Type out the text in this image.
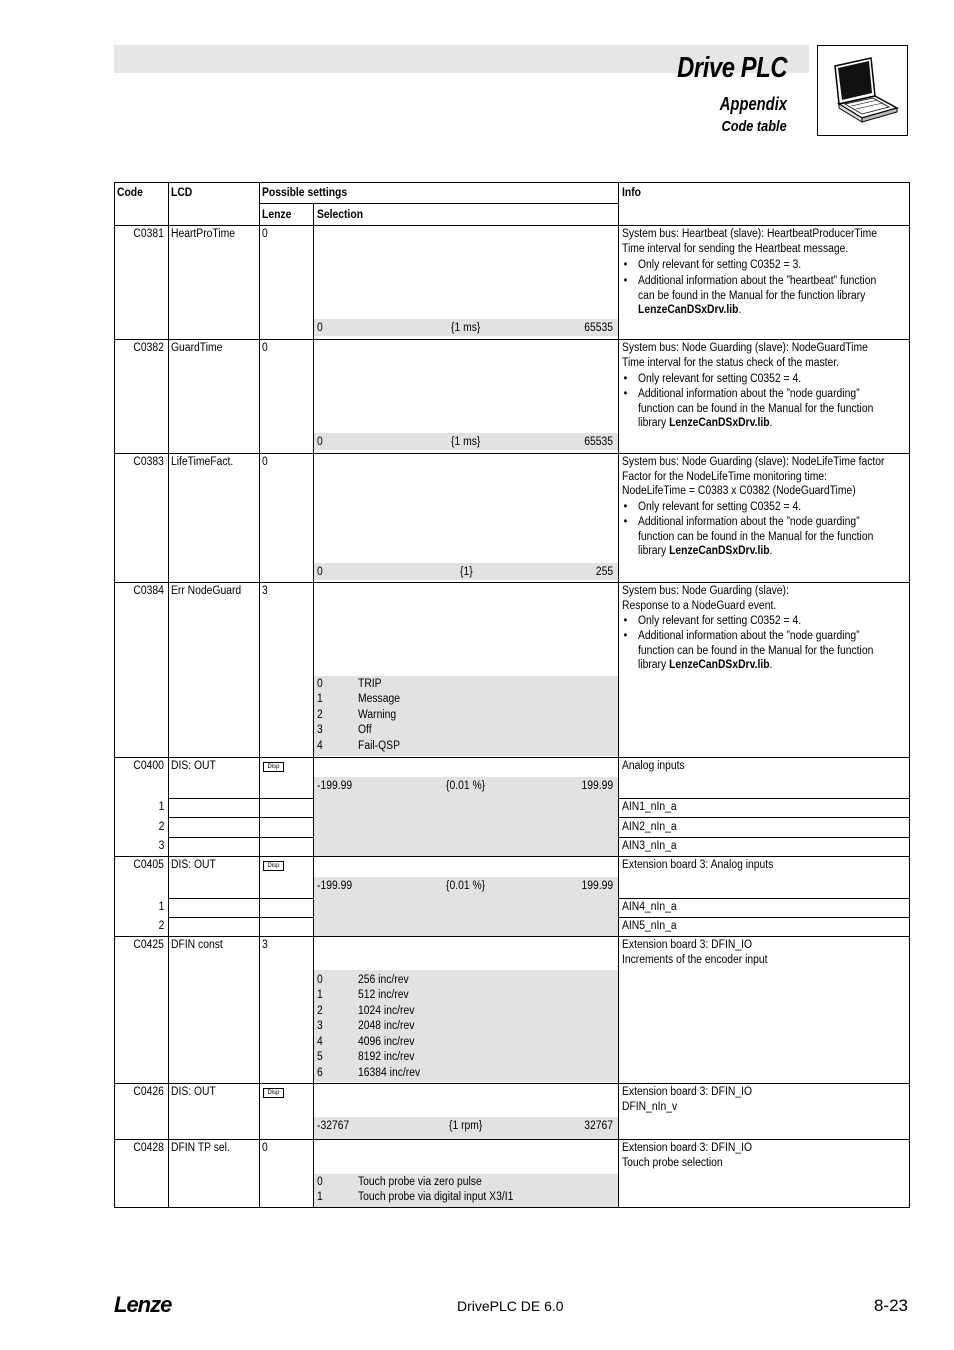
Drive PLC
Appendix
Code table
Code LCD	Possible settings
Lenze Selection
Info
C0381 HeartProTime 0
0	{1 ms}	65535
System bus: Heartbeat (slave): HeartbeatProducerTime
Time interval for sending the Heartbeat message.
• Only relevant for setting C0352 = 3.
• Additional information about the ”heartbeat” function can be found in the Manual for the function library LenzeCanDSxDrv.lib.
C0382 GuardTime	0
0	{1 ms}	65535
System bus: Node Guarding (slave): NodeGuardTime
Time interval for the status check of the master.
• Only relevant for setting C0352 = 4.
• Additional information about the ”node guarding” function can be found in the Manual for the function library LenzeCanDSxDrv.lib.
C0383 LifeTimeFact. 0
0	{1}	255
System bus: Node Guarding (slave): NodeLifeTime factor
Factor for the NodeLifeTime monitoring time:
NodeLifeTime = C0383 x C0382 (NodeGuardTime)
• Only relevant for setting C0352 = 4.
• Additional information about the ”node guarding” function can be found in the Manual for the function library LenzeCanDSxDrv.lib.
C0384 Err NodeGuard 3
0	TRIP
1	Message
2	Warning
3	Off
4	Fail-QSP
System bus: Node Guarding (slave):
Response to a NodeGuard event.
• Only relevant for setting C0352 = 4.
• Additional information about the ”node guarding” function can be found in the Manual for the function library LenzeCanDSxDrv.lib.
C0400 DIS: OUT	Disp
-199.99	{0.01 %}	199.99
Analog inputs
1	AIN1_nIn_a
2	AIN2_nIn_a
3	AIN3_nIn_a
C0405 DIS: OUT	Disp
-199.99	{0.01 %}	199.99
Extension board 3: Analog inputs
1	AIN4_nIn_a
2	AIN5_nIn_a
C0425 DFIN const	3
0	256 inc/rev
1	512 inc/rev
2	1024 inc/rev
3	2048 inc/rev
4	4096 inc/rev
5	8192 inc/rev
6	16384 inc/rev
Extension board 3: DFIN_IO
Increments of the encoder input
C0426 DIS: OUT	Disp
-32767	{1 rpm}	32767
Extension board 3: DFIN_IO
DFIN_nIn_v
C0428 DFIN TP sel.	0
0	Touch probe via zero pulse
1	Touch probe via digital input X3/I1
Extension board 3: DFIN_IO
Touch probe selection
Lenze	DrivePLC DE 6.0	8-23
